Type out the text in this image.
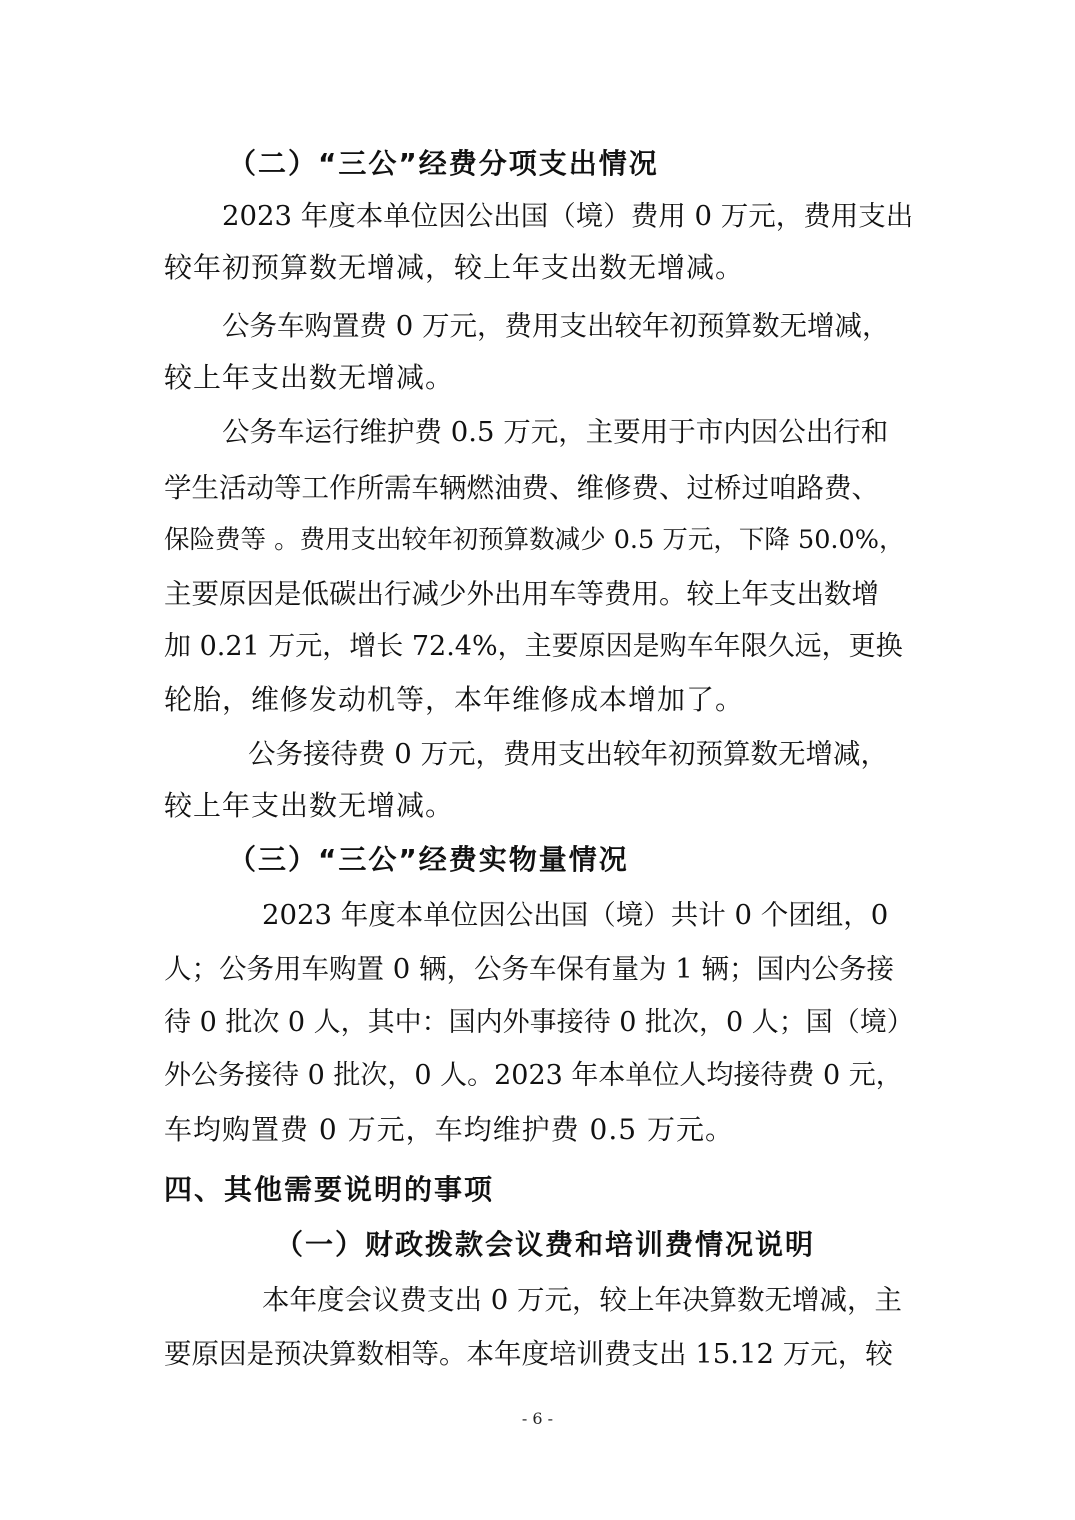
（二）“三公”经费分项支出情况
2023 年度本单位因公出国（境）费用 0 万元，费用支出
较年初预算数无增减，较上年支出数无增减。
公务车购置费 0 万元，费用支出较年初预算数无增减，
较上年支出数无增减。
公务车运行维护费 0.5 万元，主要用于市内因公出行和
学生活动等工作所需车辆燃油费、维修费、过桥过咱路费、
保险费等 。费用支出较年初预算数减少 0.5 万元，下降 50.0%，
主要原因是低碳出行减少外出用车等费用。较上年支出数增
加 0.21 万元，增长 72.4%，主要原因是购车年限久远，更换
轮胎，维修发动机等，本年维修成本增加了。
公务接待费 0 万元，费用支出较年初预算数无增减，
较上年支出数无增减。
（三）“三公”经费实物量情况
2023 年度本单位因公出国（境）共计 0 个团组，0
人；公务用车购置 0 辆，公务车保有量为 1 辆；国内公务接
待 0 批次 0 人，其中：国内外事接待 0 批次，0 人；国（境）
外公务接待 0 批次，0 人。2023 年本单位人均接待费 0 元，
车均购置费 0 万元，车均维护费 0.5 万元。
四、其他需要说明的事项
（一）财政拨款会议费和培训费情况说明
本年度会议费支出 0 万元，较上年决算数无增减，主
要原因是预决算数相等。本年度培训费支出 15.12 万元，较
- 6 -
